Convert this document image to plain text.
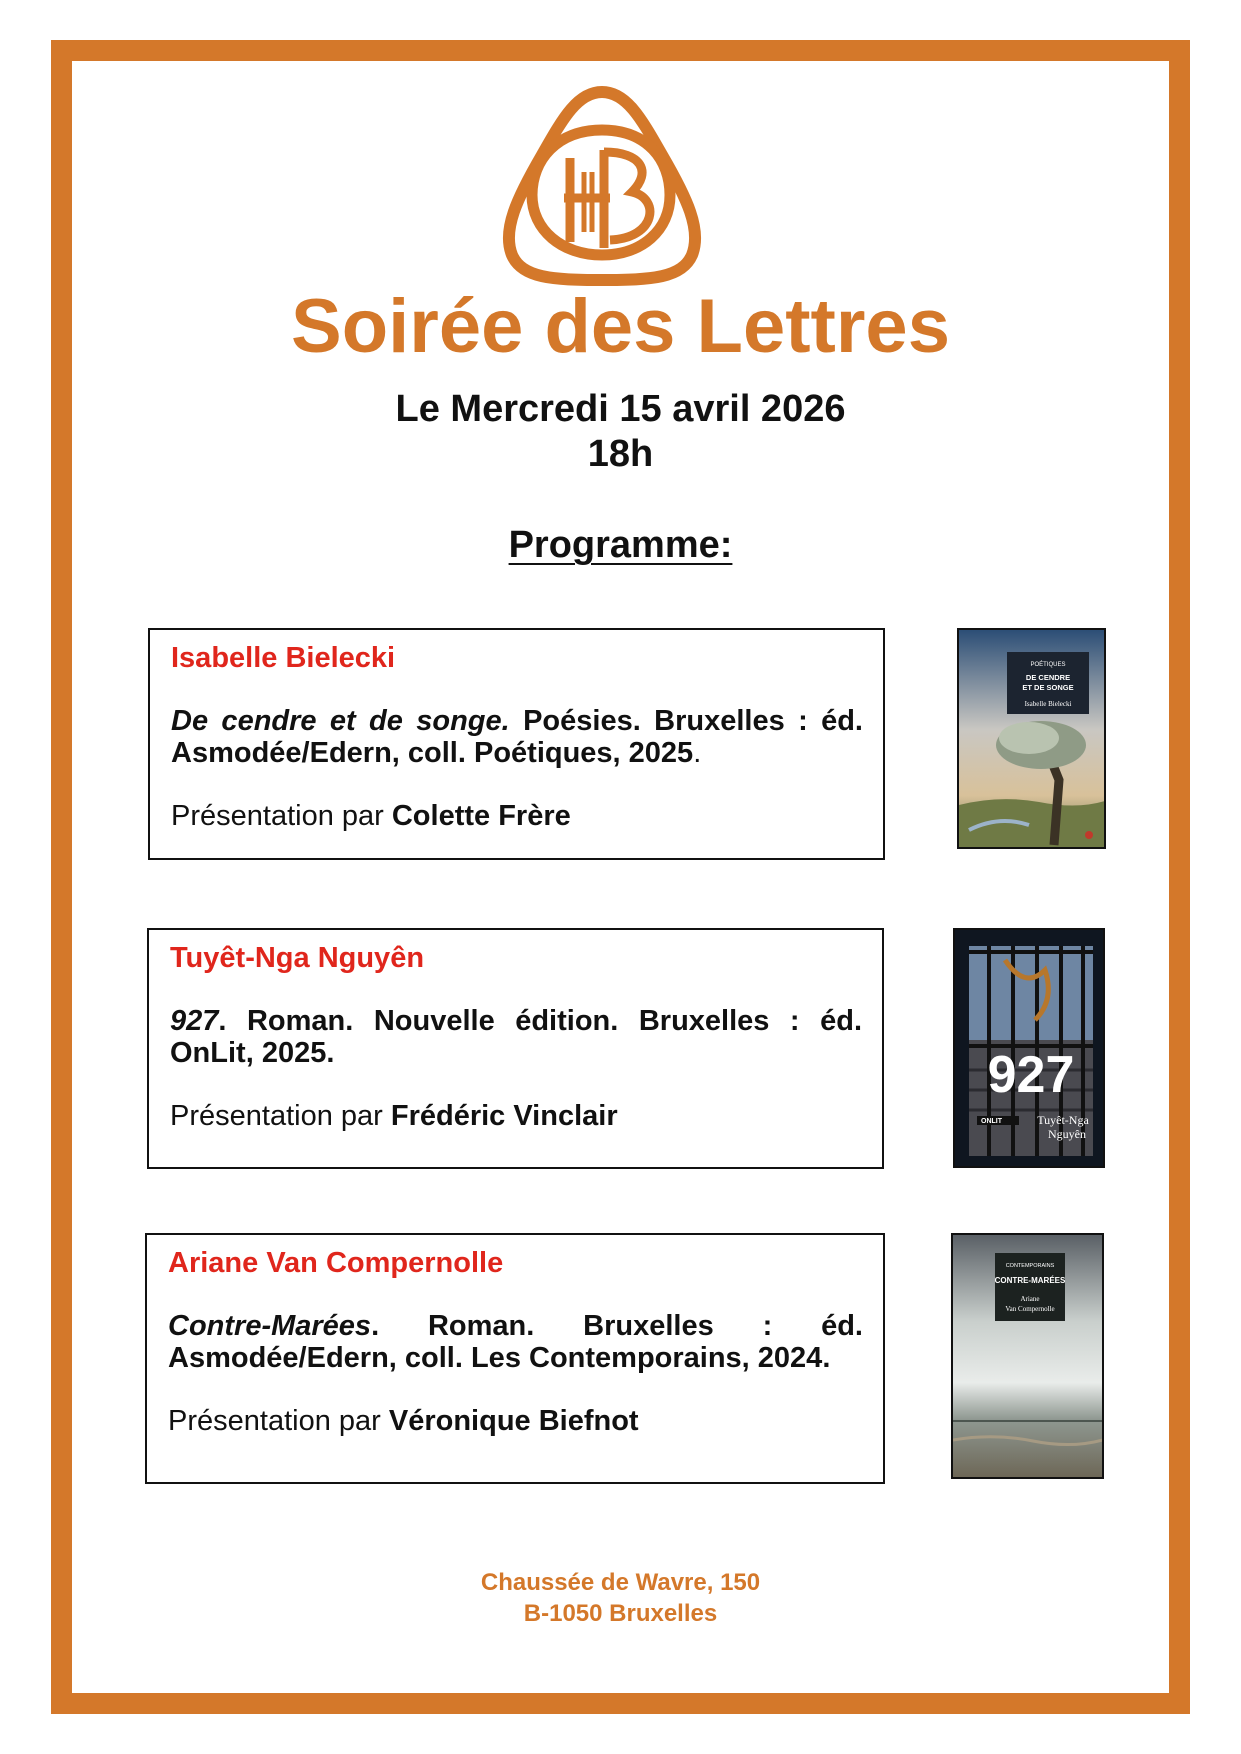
Soirée des Lettres
Le Mercredi 15 avril 2026
18h
Programme:

Isabelle Bielecki

De cendre et de songe. Poésies. Bruxelles : éd. Asmodée/Edern, coll. Poétiques, 2025.

Présentation par Colette Frère

POÉTIQUES
DE CENDRE
ET DE SONGE
Isabelle Bielecki

Tuyêt-Nga Nguyên

927. Roman. Nouvelle édition. Bruxelles : éd. OnLit, 2025.

Présentation par Frédéric Vinclair

927
ONLIT	Tuyêt-Nga
Nguyên

Ariane Van Compernolle

Contre-Marées. Roman. Bruxelles : éd. Asmodée/Edern, coll. Les Contemporains, 2024.

Présentation par Véronique Biefnot

CONTEMPORAINS
CONTRE-MARÉES
Ariane
Van Compernolle
Chaussée de Wavre, 150
B-1050 Bruxelles
